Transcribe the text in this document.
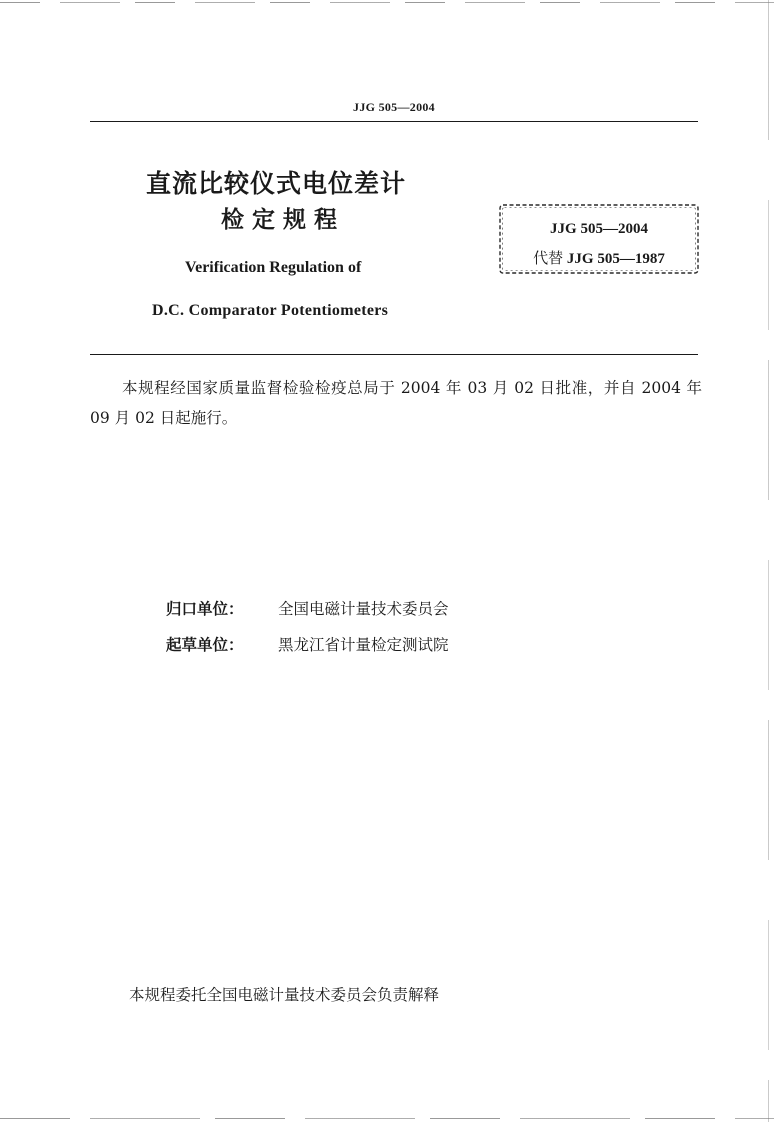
JJG 505—2004
直流比较仪式电位差计
检定规程
Verification Regulation of
D.C. Comparator Potentiometers
JJG 505—2004
代替 JJG 505—1987
本规程经国家质量监督检验检疫总局于 2004 年 03 月 02 日批准，并自 2004 年 09 月 02 日起施行。
归口单位： 全国电磁计量技术委员会
起草单位： 黑龙江省计量检定测试院
本规程委托全国电磁计量技术委员会负责解释
